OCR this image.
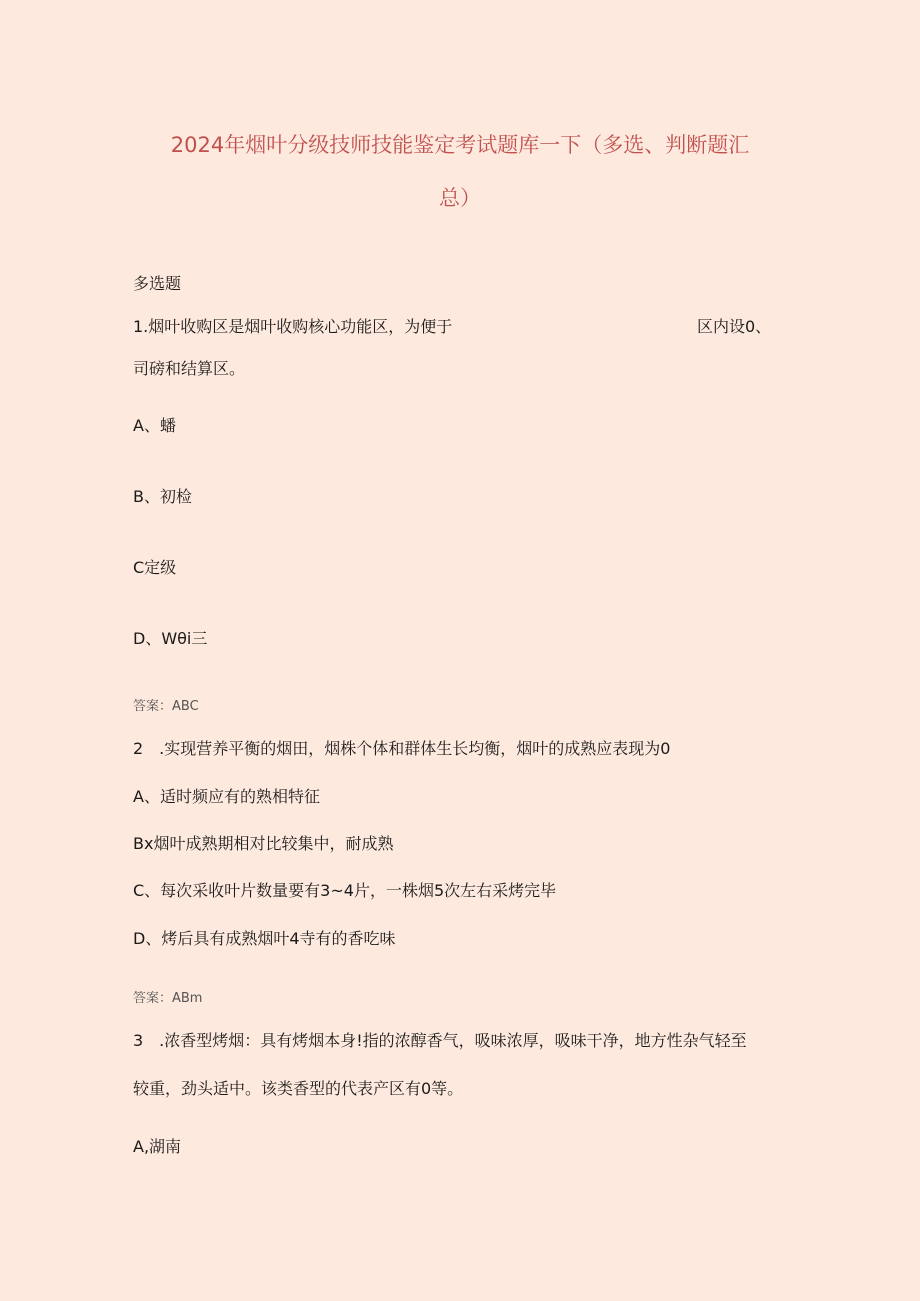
2024年烟叶分级技师技能鉴定考试题库一下（多选、判断题汇
总）
多选题
1.烟叶收购区是烟叶收购核心功能区，为便于	区内设0、
司磅和结算区。
A、蟠
B、初检
C定级
D、Wθi三
答案：ABC
2　.实现营养平衡的烟田，烟株个体和群体生长均衡，烟叶的成熟应表现为0
A、适时频应有的熟相特征
Bx烟叶成熟期相对比较集中，耐成熟
C、每次采收叶片数量要有3~4片，一株烟5次左右采烤完毕
D、烤后具有成熟烟叶4寺有的香吃味
答案：ABm
3　.浓香型烤烟：具有烤烟本身!指的浓醇香气，吸味浓厚，吸味干净，地方性杂气轻至
较重，劲头适中。该类香型的代表产区有0等。
A,湖南
